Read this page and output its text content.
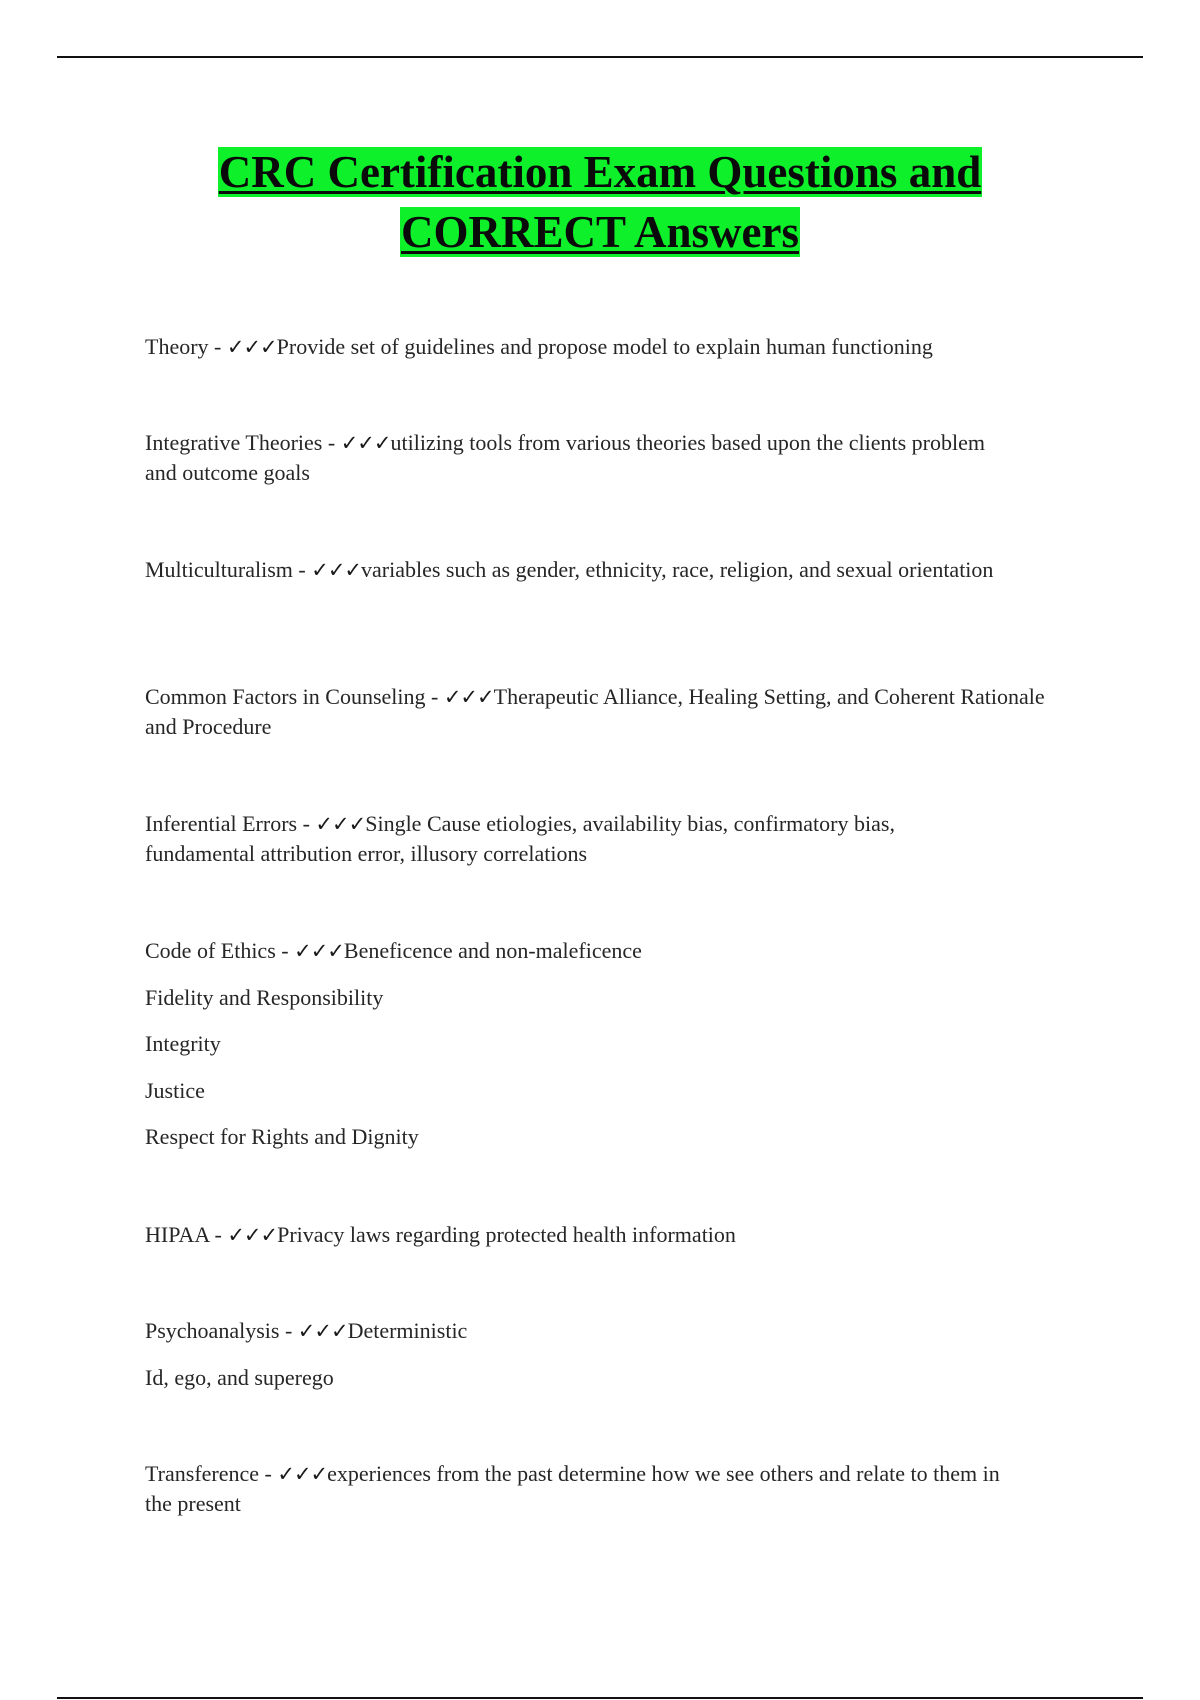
CRC Certification Exam Questions and
CORRECT Answers
Theory - ✓✓✓Provide set of guidelines and propose model to explain human functioning
Integrative Theories - ✓✓✓utilizing tools from various theories based upon the clients problem and outcome goals
Multiculturalism - ✓✓✓variables such as gender, ethnicity, race, religion, and sexual orientation
Common Factors in Counseling - ✓✓✓Therapeutic Alliance, Healing Setting, and Coherent Rationale and Procedure
Inferential Errors - ✓✓✓Single Cause etiologies, availability bias, confirmatory bias, fundamental attribution error, illusory correlations
Code of Ethics - ✓✓✓Beneficence and non-maleficence
Fidelity and Responsibility
Integrity
Justice
Respect for Rights and Dignity
HIPAA - ✓✓✓Privacy laws regarding protected health information
Psychoanalysis - ✓✓✓Deterministic
Id, ego, and superego
Transference - ✓✓✓experiences from the past determine how we see others and relate to them in the present
